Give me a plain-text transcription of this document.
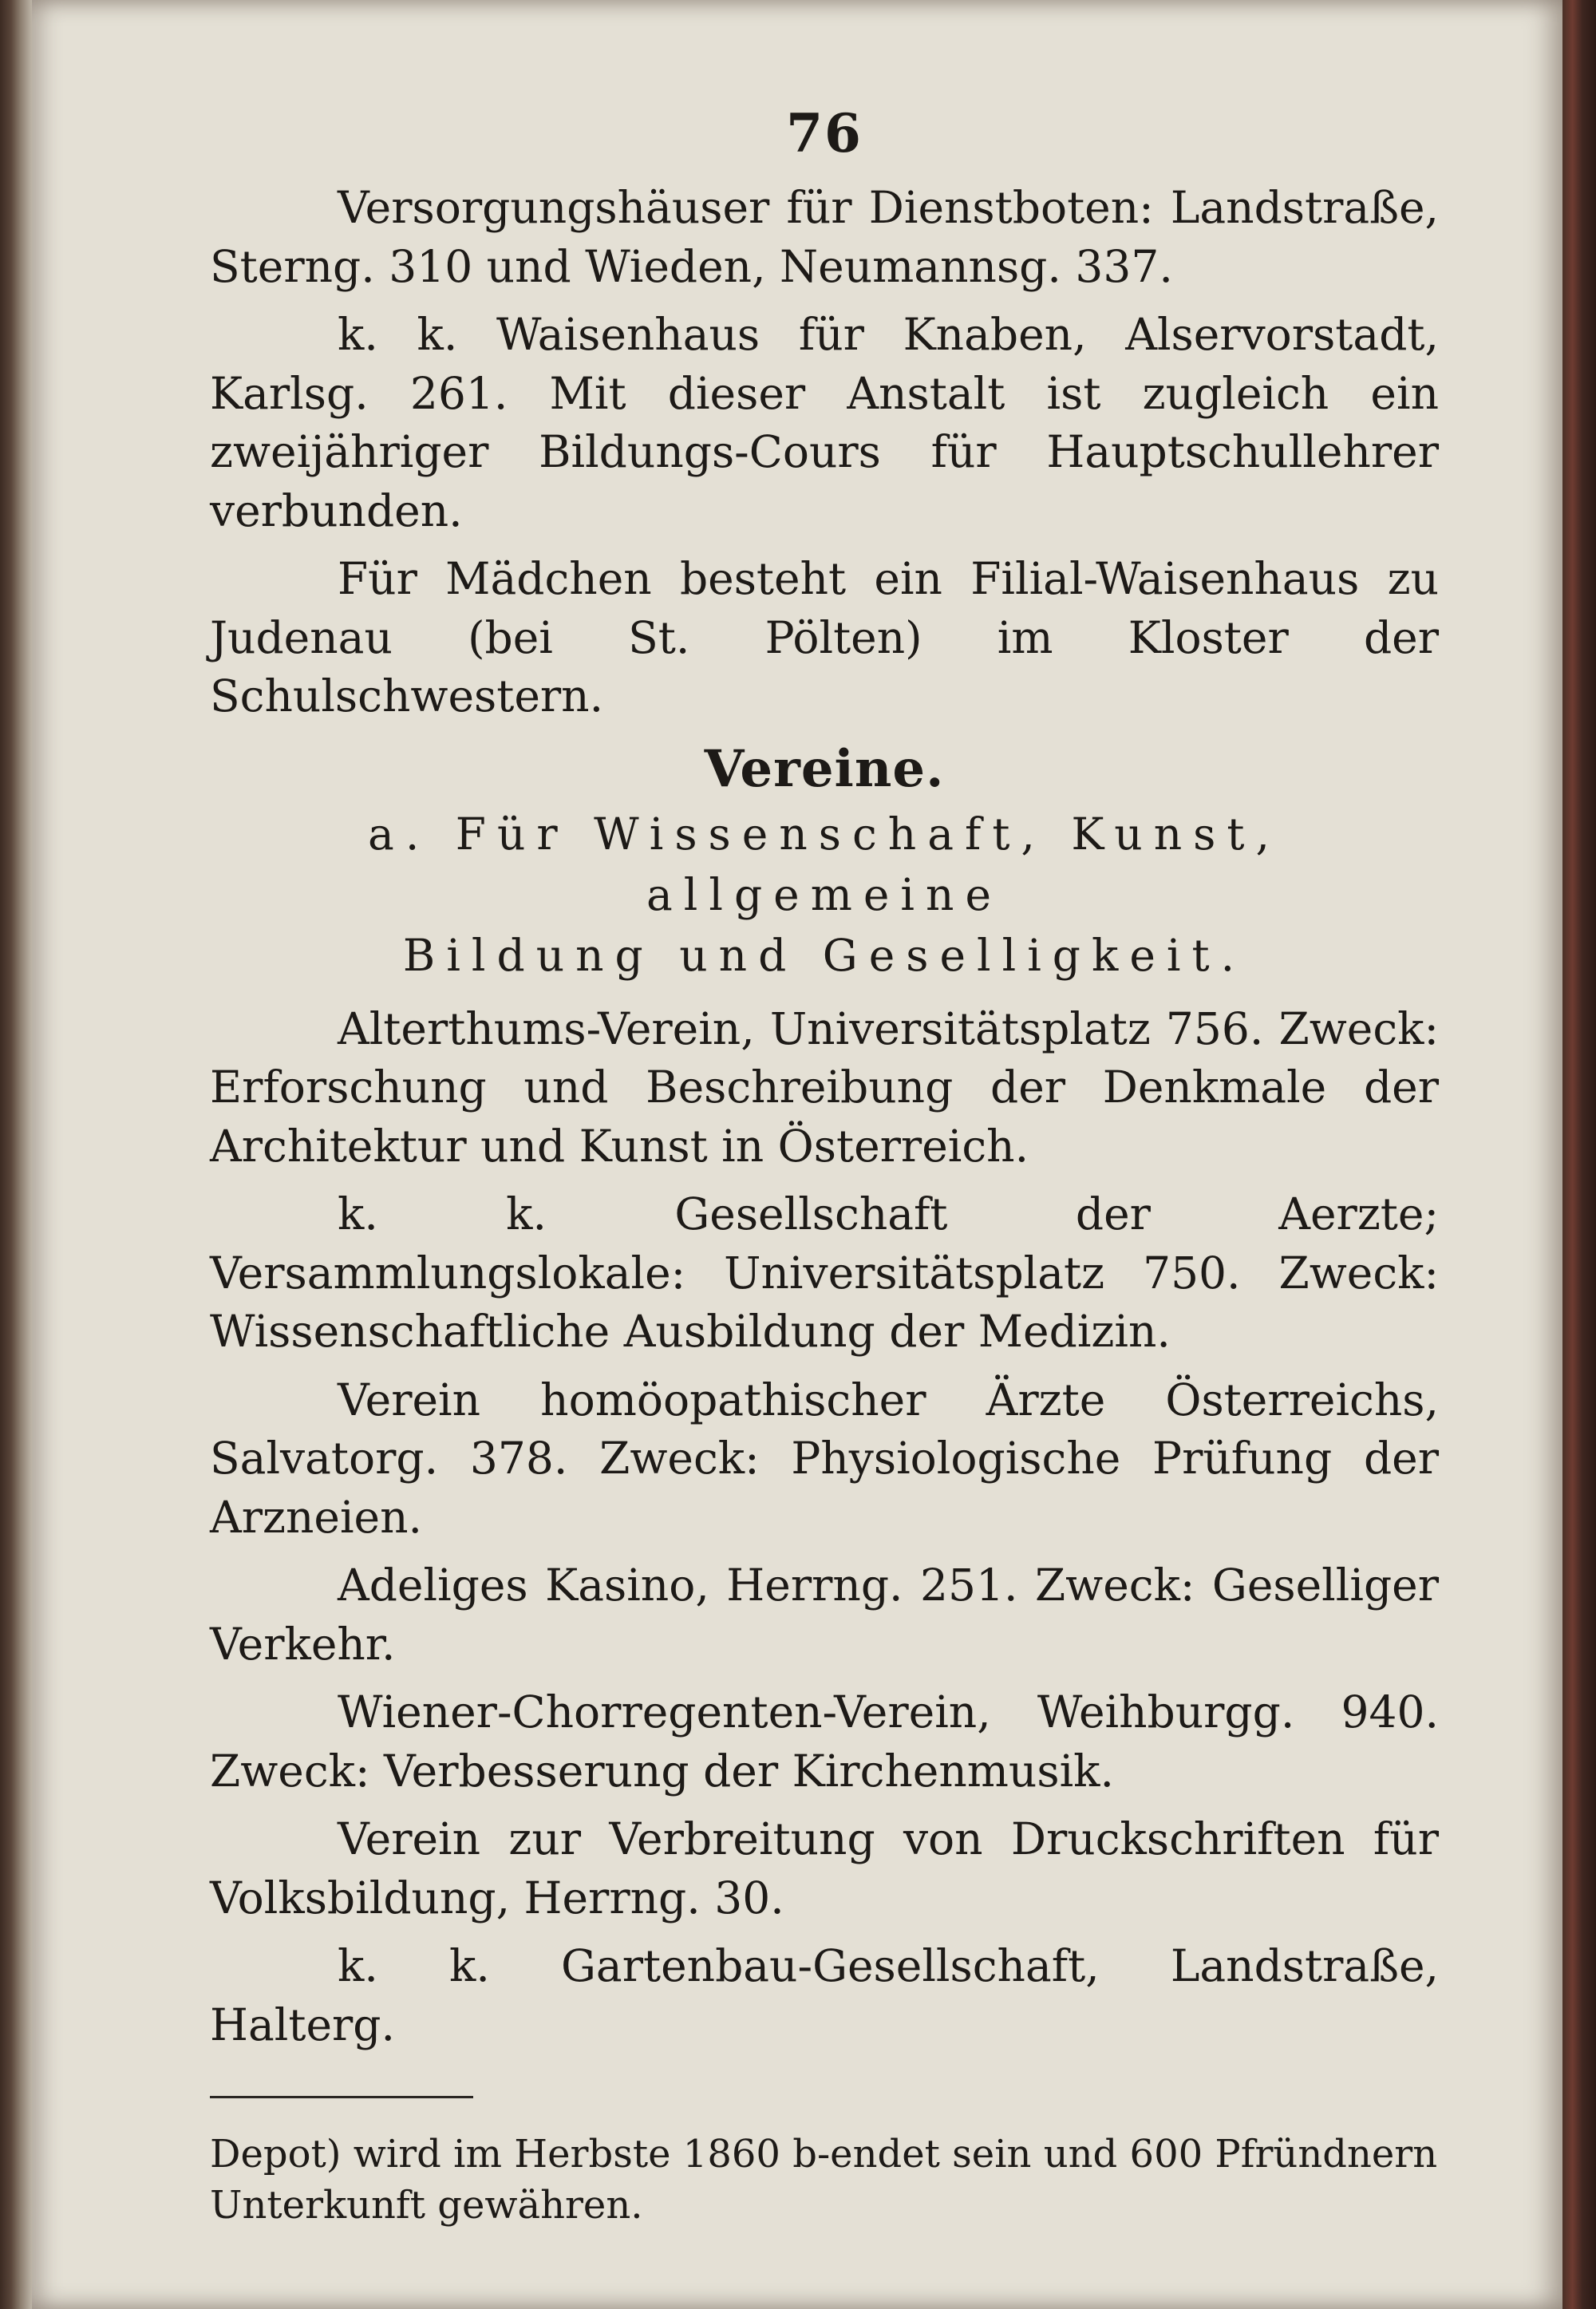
76

Versorgungshäuser für Dienstboten: Landstraße, Sterng. 310 und Wieden, Neumannsg. 337.

k. k. Waisenhaus für Knaben, Alservorstadt, Karlsg. 261. Mit dieser Anstalt ist zugleich ein zweijähriger Bildungs-Cours für Hauptschullehrer verbunden.

Für Mädchen besteht ein Filial-Waisenhaus zu Judenau (bei St. Pölten) im Kloster der Schulschwestern.

Vereine.
a. Für Wissenschaft, Kunst, allgemeine
Bildung und Geselligkeit.

Alterthums-Verein, Universitätsplatz 756. Zweck: Erforschung und Beschreibung der Denkmale der Architektur und Kunst in Österreich.

k. k. Gesellschaft der Aerzte; Versammlungslokale: Universitätsplatz 750. Zweck: Wissenschaftliche Ausbildung der Medizin.

Verein homöopathischer Ärzte Österreichs, Salvatorg. 378. Zweck: Physiologische Prüfung der Arzneien.

Adeliges Kasino, Herrng. 251. Zweck: Geselliger Verkehr.

Wiener-Chorregenten-Verein, Weihburgg. 940. Zweck: Verbesserung der Kirchenmusik.

Verein zur Verbreitung von Druckschriften für Volksbildung, Herrng. 30.

k. k. Gartenbau-Gesellschaft, Landstraße, Halterg.

Depot) wird im Herbste 1860 b-endet sein und 600 Pfründnern Unterkunft gewähren.
